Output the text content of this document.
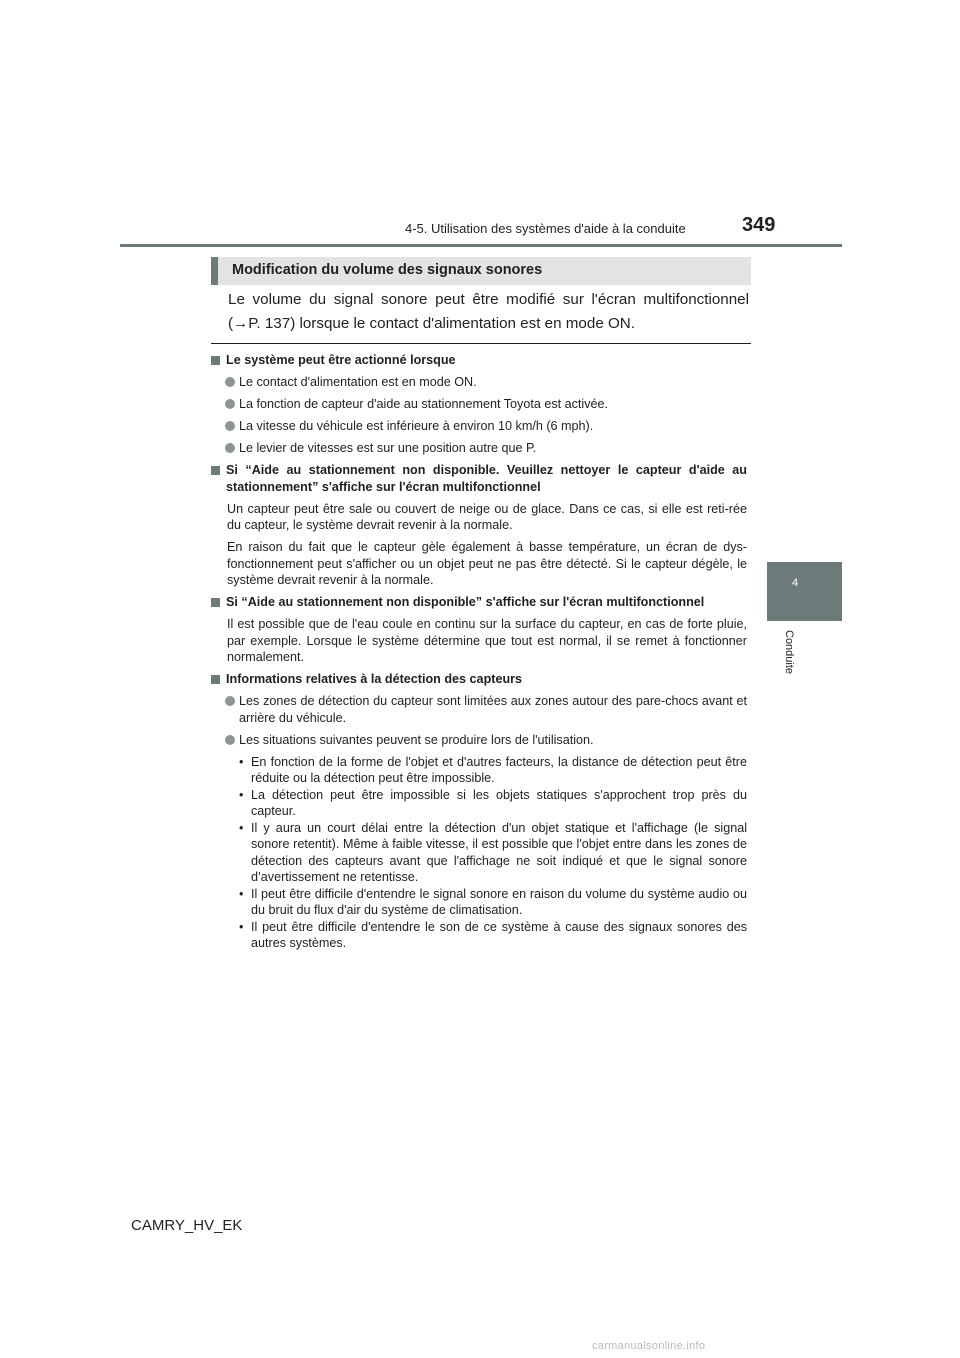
4-5. Utilisation des systèmes d'aide à la conduite	349
4
Conduite
Modification du volume des signaux sonores
Le volume du signal sonore peut être modifié sur l'écran multifonctionnel (→P. 137) lorsque le contact d'alimentation est en mode ON.
Le système peut être actionné lorsque
Le contact d'alimentation est en mode ON.
La fonction de capteur d'aide au stationnement Toyota est activée.
La vitesse du véhicule est inférieure à environ 10 km/h (6 mph).
Le levier de vitesses est sur une position autre que P.
Si “Aide au stationnement non disponible. Veuillez nettoyer le capteur d'aide au stationnement” s'affiche sur l'écran multifonctionnel
Un capteur peut être sale ou couvert de neige ou de glace. Dans ce cas, si elle est reti-rée du capteur, le système devrait revenir à la normale.
En raison du fait que le capteur gèle également à basse température, un écran de dys-fonctionnement peut s'afficher ou un objet peut ne pas être détecté. Si le capteur dégèle, le système devrait revenir à la normale.
Si “Aide au stationnement non disponible” s'affiche sur l'écran multifonctionnel
Il est possible que de l'eau coule en continu sur la surface du capteur, en cas de forte pluie, par exemple. Lorsque le système détermine que tout est normal, il se remet à fonctionner normalement.
Informations relatives à la détection des capteurs
Les zones de détection du capteur sont limitées aux zones autour des pare-chocs avant et arrière du véhicule.
Les situations suivantes peuvent se produire lors de l'utilisation.
• En fonction de la forme de l'objet et d'autres facteurs, la distance de détection peut être réduite ou la détection peut être impossible.
• La détection peut être impossible si les objets statiques s'approchent trop près du capteur.
• Il y aura un court délai entre la détection d'un objet statique et l'affichage (le signal sonore retentit). Même à faible vitesse, il est possible que l'objet entre dans les zones de détection des capteurs avant que l'affichage ne soit indiqué et que le signal sonore d’avertissement ne retentisse.
• Il peut être difficile d'entendre le signal sonore en raison du volume du système audio ou du bruit du flux d'air du système de climatisation.
• Il peut être difficile d'entendre le son de ce système à cause des signaux sonores des autres systèmes.
CAMRY_HV_EK
carmanualsonline.info
